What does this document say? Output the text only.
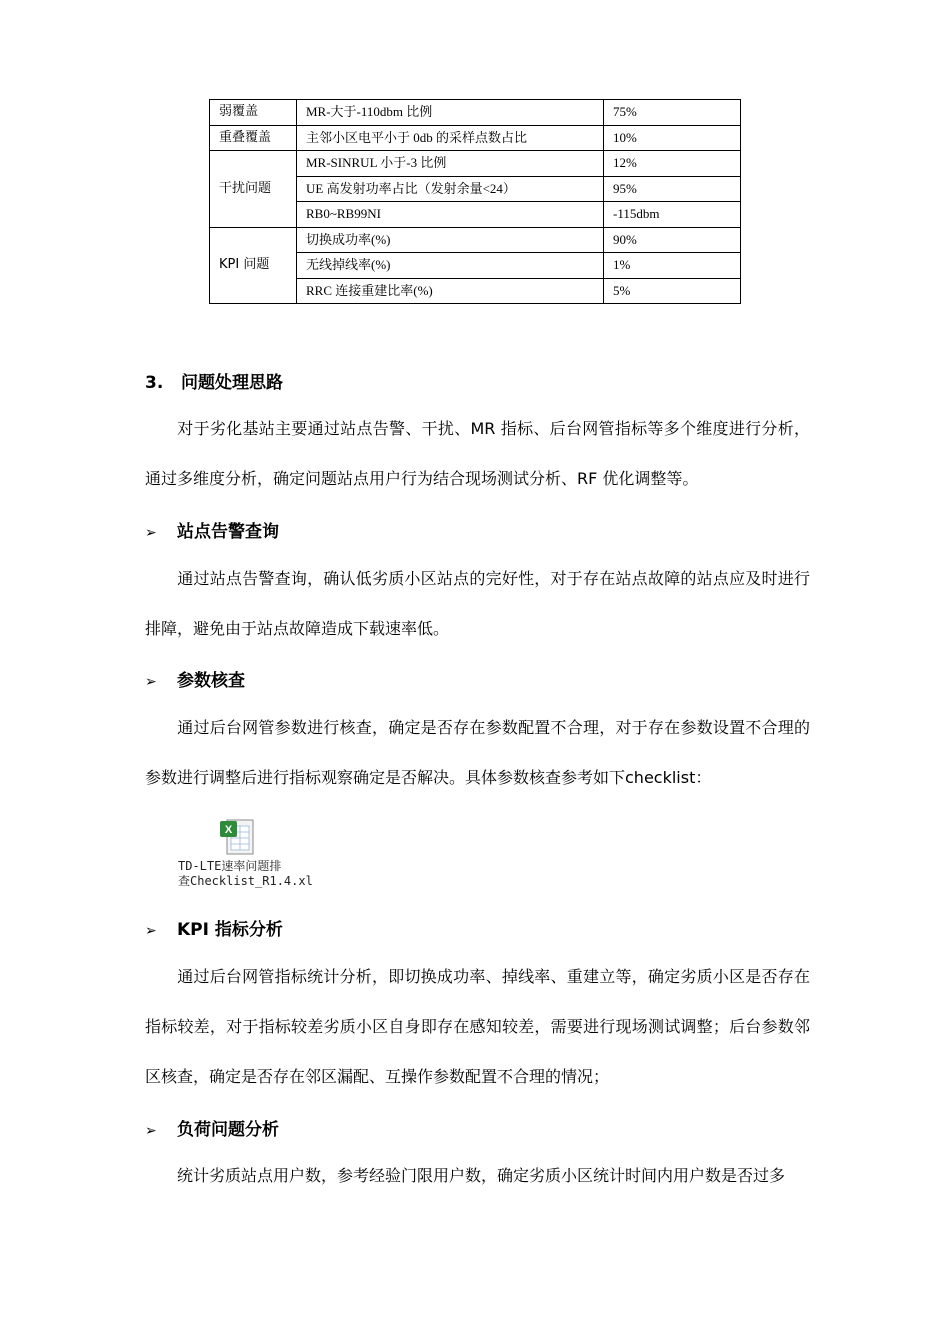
弱覆盖	MR-大于-110dbm 比例	75%
重叠覆盖	主邻小区电平小于 0db 的采样点数占比	10%
干扰问题	MR-SINRUL 小于-3 比例	12%
	UE 高发射功率占比（发射余量<24）	95%
	RB0~RB99NI	-115dbm
KPI 问题	切换成功率(%)	90%
	无线掉线率(%)	1%
	RRC 连接重建比率(%)	5%
3.   问题处理思路
对于劣化基站主要通过站点告警、干扰、MR 指标、后台网管指标等多个维度进行分析，通过多维度分析，确定问题站点用户行为结合现场测试分析、RF 优化调整等。
➢ 站点告警查询
通过站点告警查询，确认低劣质小区站点的完好性，对于存在站点故障的站点应及时进行排障，避免由于站点故障造成下载速率低。
➢ 参数核查
通过后台网管参数进行核查，确定是否存在参数配置不合理，对于存在参数设置不合理的参数进行调整后进行指标观察确定是否解决。具体参数核查参考如下checklist：
X
TD-LTE速率问题排
查Checklist_R1.4.xl
➢ KPI 指标分析
通过后台网管指标统计分析，即切换成功率、掉线率、重建立等，确定劣质小区是否存在指标较差，对于指标较差劣质小区自身即存在感知较差，需要进行现场测试调整；后台参数邻区核查，确定是否存在邻区漏配、互操作参数配置不合理的情况；
➢ 负荷问题分析
统计劣质站点用户数，参考经验门限用户数，确定劣质小区统计时间内用户数是否过多
